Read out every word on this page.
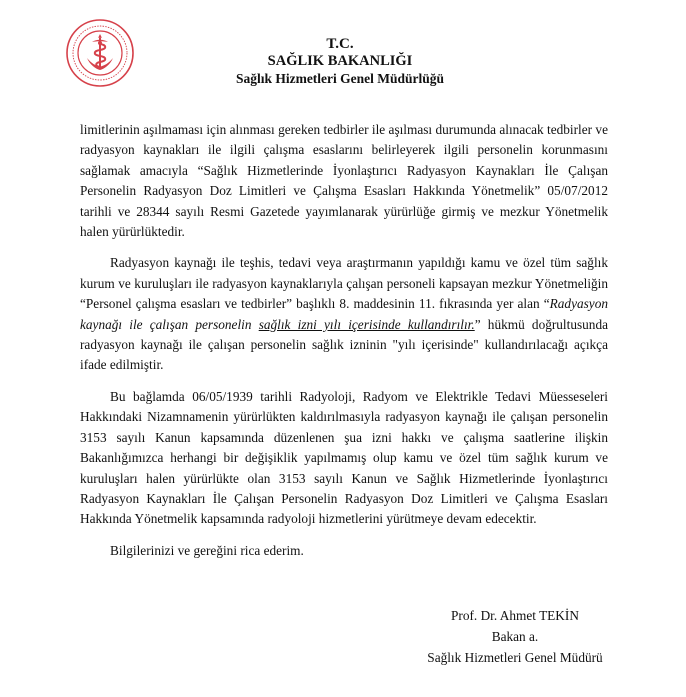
T.C.
SAĞLIK BAKANLIĞI
Sağlık Hizmetleri Genel Müdürlüğü

limitlerinin aşılmaması için alınması gereken tedbirler ile aşılması durumunda alınacak tedbirler ve radyasyon kaynakları ile ilgili çalışma esaslarını belirleyerek ilgili personelin korunmasını sağlamak amacıyla “Sağlık Hizmetlerinde İyonlaştırıcı Radyasyon Kaynakları İle Çalışan Personelin Radyasyon Doz Limitleri ve Çalışma Esasları Hakkında Yönetmelik” 05/07/2012 tarihli ve 28344 sayılı Resmi Gazetede yayımlanarak yürürlüğe girmiş ve mezkur Yönetmelik halen yürürlüktedir.

Radyasyon kaynağı ile teşhis, tedavi veya araştırmanın yapıldığı kamu ve özel tüm sağlık kurum ve kuruluşları ile radyasyon kaynaklarıyla çalışan personeli kapsayan mezkur Yönetmeliğin “Personel çalışma esasları ve tedbirler” başlıklı 8. maddesinin 11. fıkrasında yer alan “Radyasyon kaynağı ile çalışan personelin sağlık izni yılı içerisinde kullandırılır.” hükmü doğrultusunda radyasyon kaynağı ile çalışan personelin sağlık izninin "yılı içerisinde" kullandırılacağı açıkça ifade edilmiştir.

Bu bağlamda 06/05/1939 tarihli Radyoloji, Radyom ve Elektrikle Tedavi Müesseseleri Hakkındaki Nizamnamenin yürürlükten kaldırılmasıyla radyasyon kaynağı ile çalışan personelin 3153 sayılı Kanun kapsamında düzenlenen şua izni hakkı ve çalışma saatlerine ilişkin Bakanlığımızca herhangi bir değişiklik yapılmamış olup kamu ve özel tüm sağlık kurum ve kuruluşları halen yürürlükte olan 3153 sayılı Kanun ve Sağlık Hizmetlerinde İyonlaştırıcı Radyasyon Kaynakları İle Çalışan Personelin Radyasyon Doz Limitleri ve Çalışma Esasları Hakkında Yönetmelik kapsamında radyoloji hizmetlerini yürütmeye devam edecektir.

Bilgilerinizi ve gereğini rica ederim.

Prof. Dr. Ahmet TEKİN
Bakan a.
Sağlık Hizmetleri Genel Müdürü
